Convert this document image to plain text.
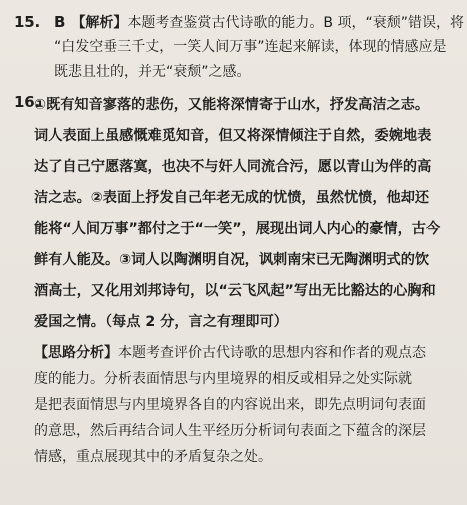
15. B 【解析】本题考查鉴赏古代诗歌的能力。B 项，“衰颓”错误，将
“白发空垂三千丈，一笑人间万事”连起来解读，体现的情感应是
既悲且壮的，并无“衰颓”之感。
16.
①既有知音寥落的悲伤，又能将深情寄于山水，抒发高洁之志。
词人表面上虽感慨难觅知音，但又将深情倾注于自然，委婉地表
达了自己宁愿落寞，也决不与奸人同流合污，愿以青山为伴的高
洁之志。②表面上抒发自己年老无成的忧愤，虽然忧愤，他却还
能将“人间万事”都付之于“一笑”，展现出词人内心的豪情，古今
鲜有人能及。③词人以陶渊明自况，讽刺南宋已无陶渊明式的饮
酒高士，又化用刘邦诗句，以“云飞风起”写出无比豁达的心胸和
爱国之情。（每点 2 分，言之有理即可）
【思路分析】本题考查评价古代诗歌的思想内容和作者的观点态
度的能力。分析表面情思与内里境界的相反或相异之处实际就
是把表面情思与内里境界各自的内容说出来，即先点明词句表面
的意思，然后再结合词人生平经历分析词句表面之下蕴含的深层
情感，重点展现其中的矛盾复杂之处。
